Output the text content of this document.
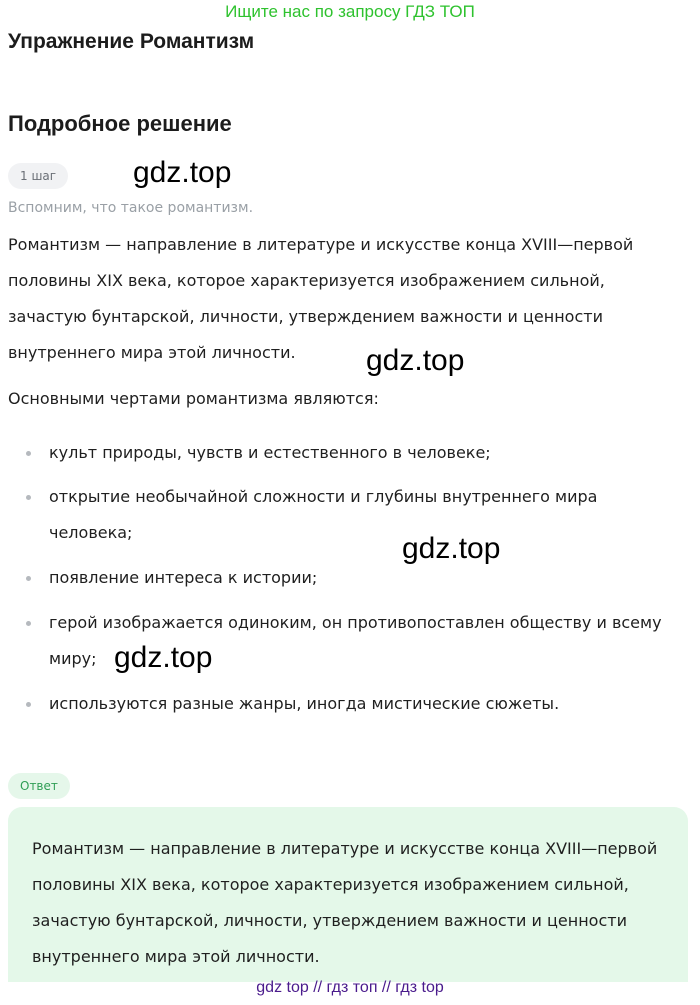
Ищите нас по запросу ГДЗ ТОП
Упражнение Романтизм
Подробное решение
1 шаг	gdz.top
Вспомним, что такое романтизм.
Романтизм — направление в литературе и искусстве конца XVIII—первой половины XIX века, которое характеризуется изображением сильной, зачастую бунтарской, личности, утверждением важности и ценности внутреннего мира этой личности.	gdz.top
Основными чертами романтизма являются:
культ природы, чувств и естественного в человеке;
открытие необычайной сложности и глубины внутреннего мира человека;
появление интереса к истории;
герой изображается одиноким, он противопоставлен обществу и всему миру;
используются разные жанры, иногда мистические сюжеты.
gdz.top
gdz.top
Ответ
Романтизм — направление в литературе и искусстве конца XVIII—первой половины XIX века, которое характеризуется изображением сильной, зачастую бунтарской, личности, утверждением важности и ценности внутреннего мира этой личности.
gdz top // гдз топ // гдз top
